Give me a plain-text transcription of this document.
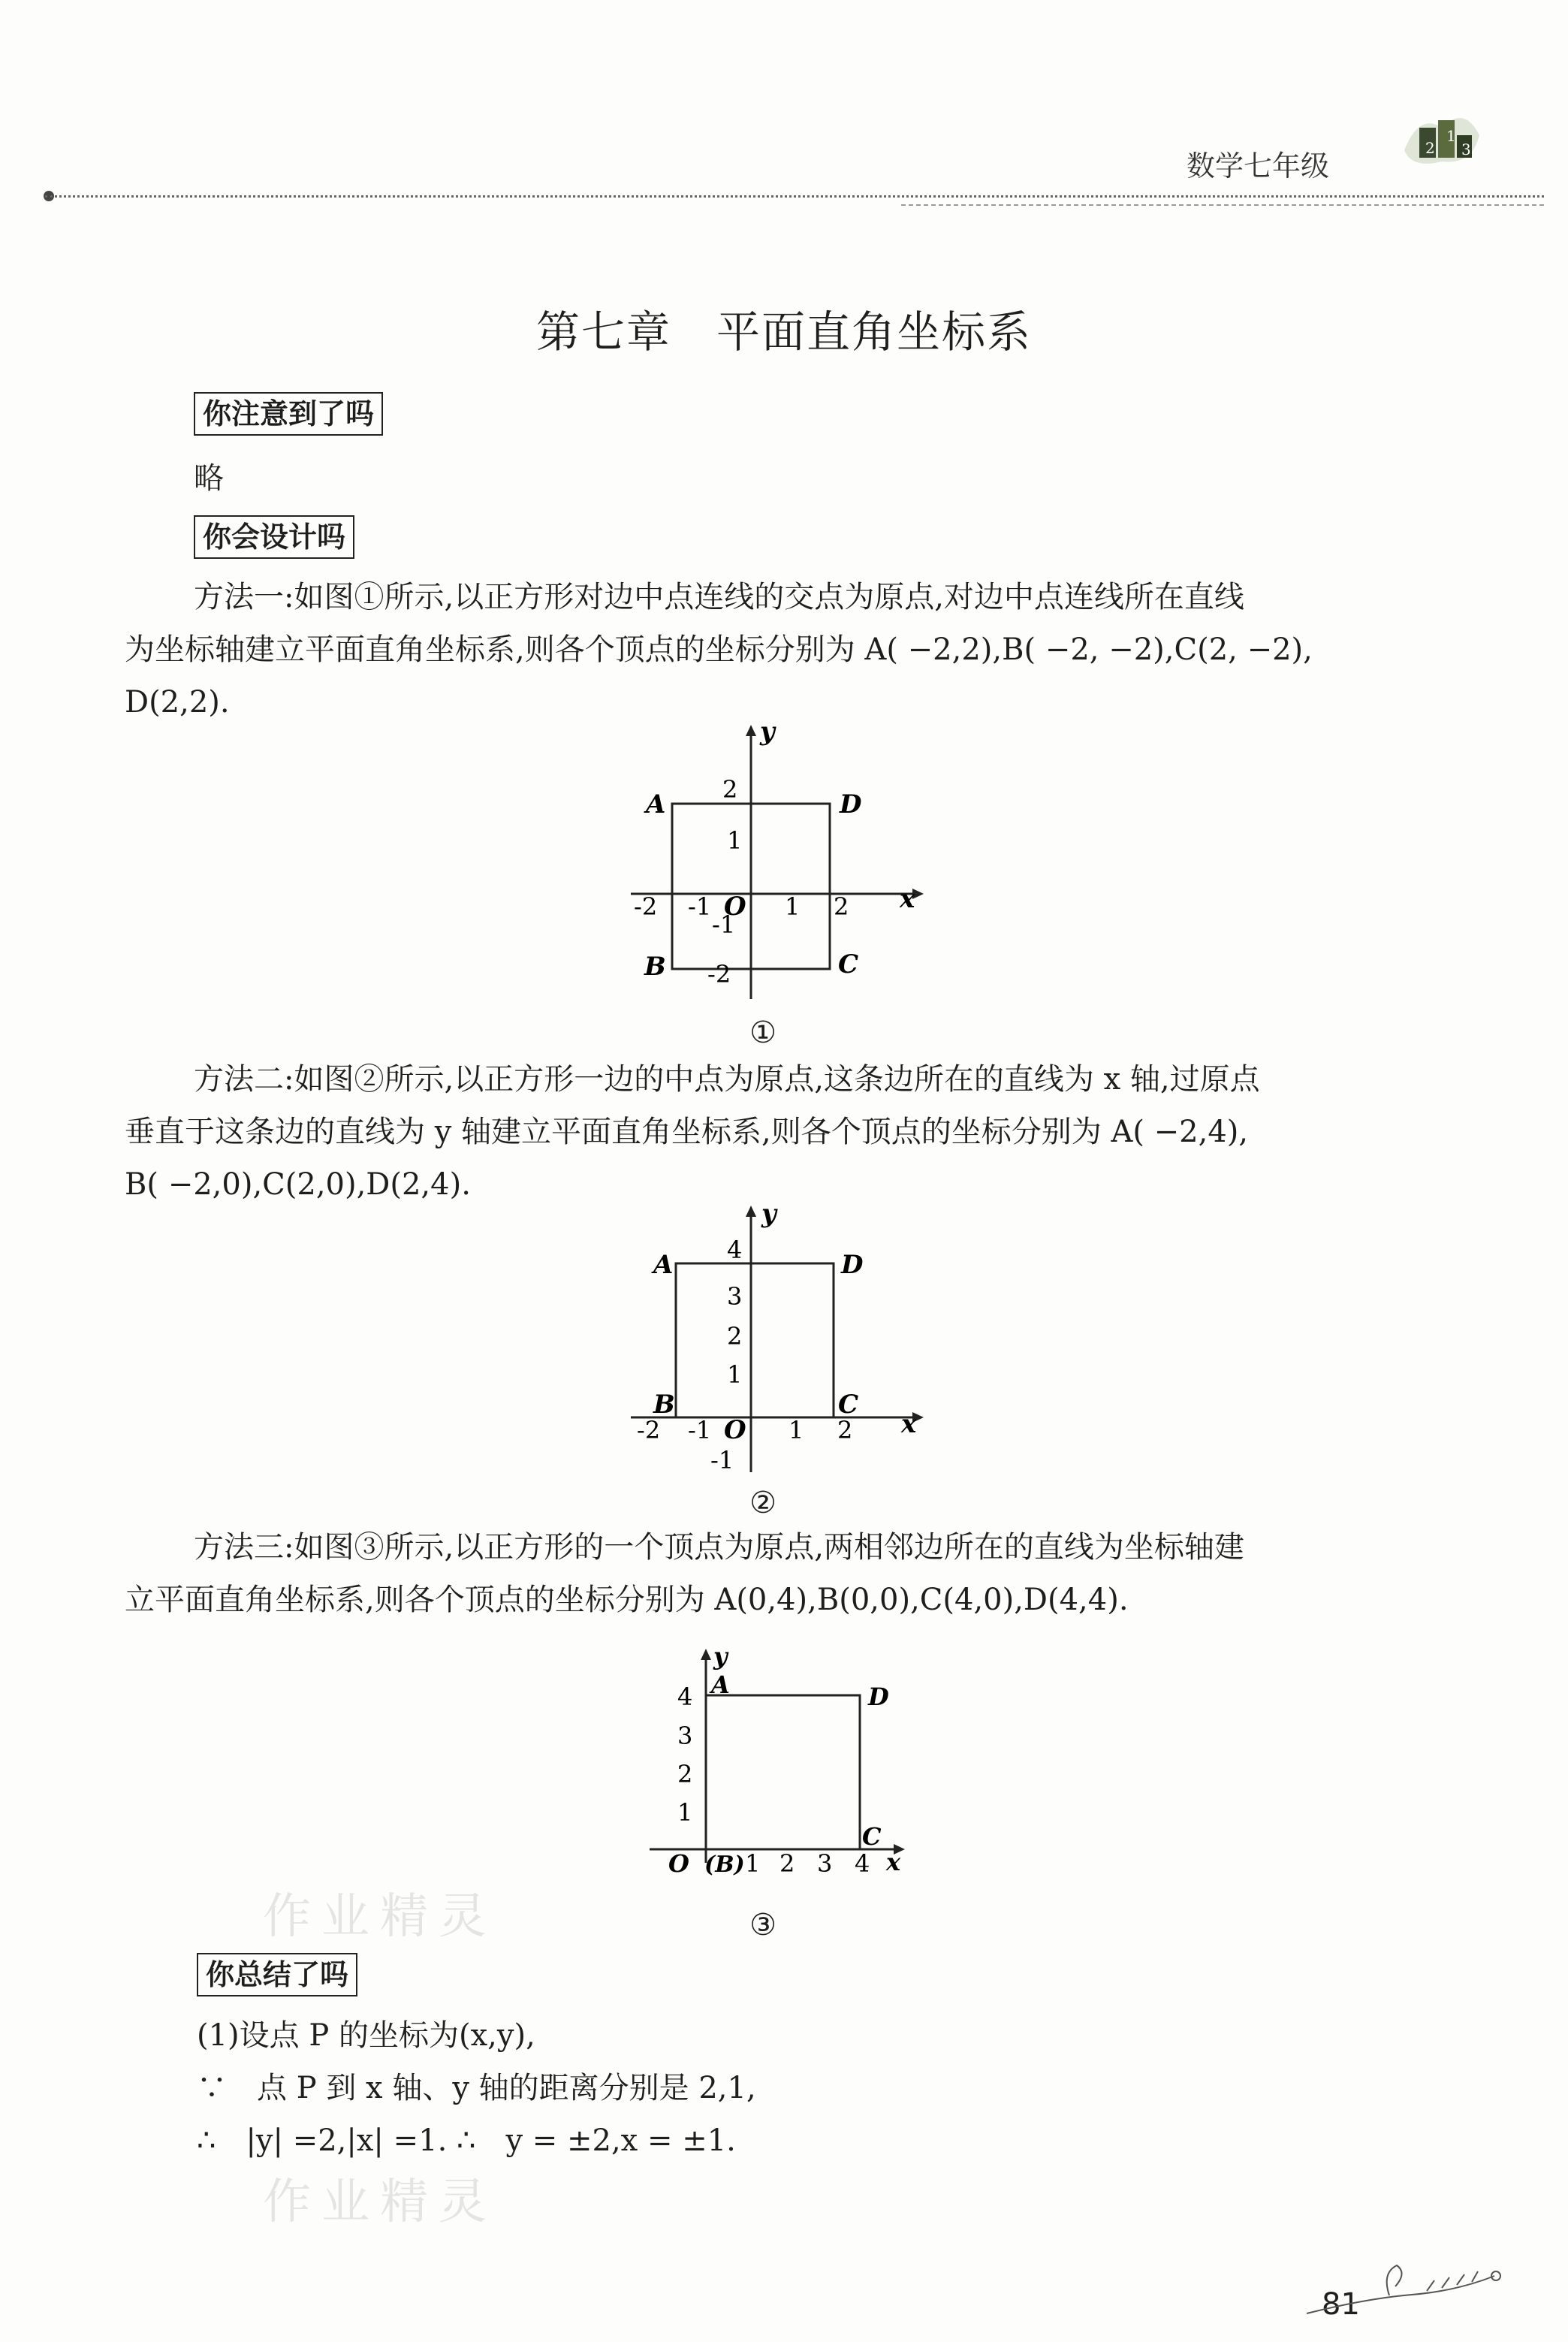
1
2 3
数学七年级
第七章　平面直角坐标系
你注意到了吗
略
你会设计吗
方法一:如图①所示,以正方形对边中点连线的交点为原点,对边中点连线所在直线
为坐标轴建立平面直角坐标系,则各个顶点的坐标分别为 A( −2,2),B( −2, −2),C(2, −2),
D(2,2).
y
x
2
1
-1
-2
-2 -1 O 1 2
A	D
B	C
①
方法二:如图②所示,以正方形一边的中点为原点,这条边所在的直线为 x 轴,过原点
垂直于这条边的直线为 y 轴建立平面直角坐标系,则各个顶点的坐标分别为 A( −2,4),
B( −2,0),C(2,0),D(2,4).
y
x
4
3
2
1
-1
-2 -1 O 1 2
A	D
B	C
②
方法三:如图③所示,以正方形的一个顶点为原点,两相邻边所在的直线为坐标轴建
立平面直角坐标系,则各个顶点的坐标分别为 A(0,4),B(0,0),C(4,0),D(4,4).
y
x
A	D
C
4
3
2
1
O (B) 1 2 3 4
③
作业精灵
作业精灵
你总结了吗
(1)设点 P 的坐标为(x,y),
∵　点 P 到 x 轴、y 轴的距离分别是 2,1,
∴　|y| =2,|x| =1. ∴　y = ±2,x = ±1.
81
